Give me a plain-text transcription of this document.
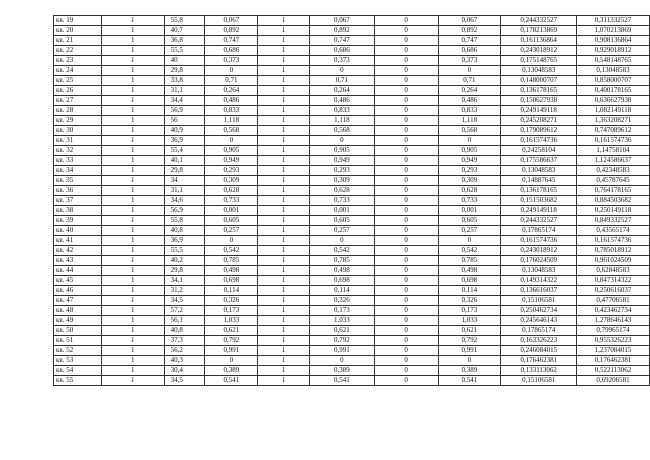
кв. 19	1	55,8	0,067	1	0,067	0	0,067	0,244332527	0,311332527
кв. 20	1	40,7	0,892	1	0,892	0	0,892	0,178213869	1,070213869
кв. 21	1	36,8	0,747	1	0,747	0	0,747	0,161136864	0,908136864
кв. 22	1	55,5	0,686	1	0,686	0	0,686	0,243018912	0,929018912
кв. 23	1	40	0,373	1	0,373	0	0,373	0,175148765	0,548148765
кв. 24	1	29,8	0	1	0	0	0	0,13048583	0,13048583
кв. 25	1	33,8	0,71	1	0,71	0	0,71	0,148000707	0,858000707
кв. 26	1	31,1	0,264	1	0,264	0	0,264	0,136178165	0,400178165
кв. 27	1	34,4	0,486	1	0,486	0	0,486	0,150627938	0,636627938
кв. 28	1	56,9	0,833	1	0,833	0	0,833	0,249149118	1,082149118
кв. 29	1	56	1,118	1	1,118	0	1,118	0,245208271	1,363208271
кв. 30	1	40,9	0,568	1	0,568	0	0,568	0,179089612	0,747089612
кв. 31	1	36,9	0	1	0	0	0	0,161574736	0,161574736
кв. 32	1	55,4	0,905	1	0,905	0	0,905	0,24258104	1,14758104
кв. 33	1	40,1	0,949	1	0,949	0	0,949	0,175586637	1,124586637
кв. 34	1	29,8	0,293	1	0,293	0	0,293	0,13048583	0,42348583
кв. 35	1	34	0,309	1	0,309	0	0,309	0,14887645	0,45787645
кв. 36	1	31,1	0,628	1	0,628	0	0,628	0,136178165	0,764178165
кв. 37	1	34,6	0,733	1	0,733	0	0,733	0,151503682	0,884503682
кв. 38	1	56,9	0,001	1	0,001	0	0,001	0,249149118	0,250149118
кв. 39	1	55,8	0,605	1	0,605	0	0,605	0,244332527	0,849332527
кв. 40	1	40,8	0,257	1	0,257	0	0,257	0,17865174	0,43565174
кв. 41	1	36,9	0	1	0	0	0	0,161574736	0,161574736
кв. 42	1	55,5	0,542	1	0,542	0	0,542	0,243018912	0,785018912
кв. 43	1	40,2	0,785	1	0,785	0	0,785	0,176024509	0,961024509
кв. 44	1	29,8	0,498	1	0,498	0	0,498	0,13048583	0,62848583
кв. 45	1	34,1	0,698	1	0,698	0	0,698	0,149314322	0,847314322
кв. 46	1	31,2	0,114	1	0,114	0	0,114	0,136616037	0,250616037
кв. 47	1	34,5	0,326	1	0,326	0	0,326	0,15106581	0,47706581
кв. 48	1	57,2	0,173	1	0,173	0	0,173	0,250462734	0,423462734
кв. 49	1	56,1	1,033	1	1,033	0	1,033	0,245646143	1,278646143
кв. 50	1	40,8	0,621	1	0,621	0	0,621	0,17865174	0,79965174
кв. 51	1	37,3	0,792	1	0,792	0	0,792	0,163326223	0,955326223
кв. 52	1	56,2	0,991	1	0,991	0	0,991	0,246084015	1,237084015
кв. 53	1	40,3	0	1	0	0	0	0,176462381	0,176462381
кв. 54	1	30,4	0,389	1	0,389	0	0,389	0,133113062	0,522113062
кв. 55	1	34,5	0,541	1	0,541	0	0,541	0,15106581	0,69206581
